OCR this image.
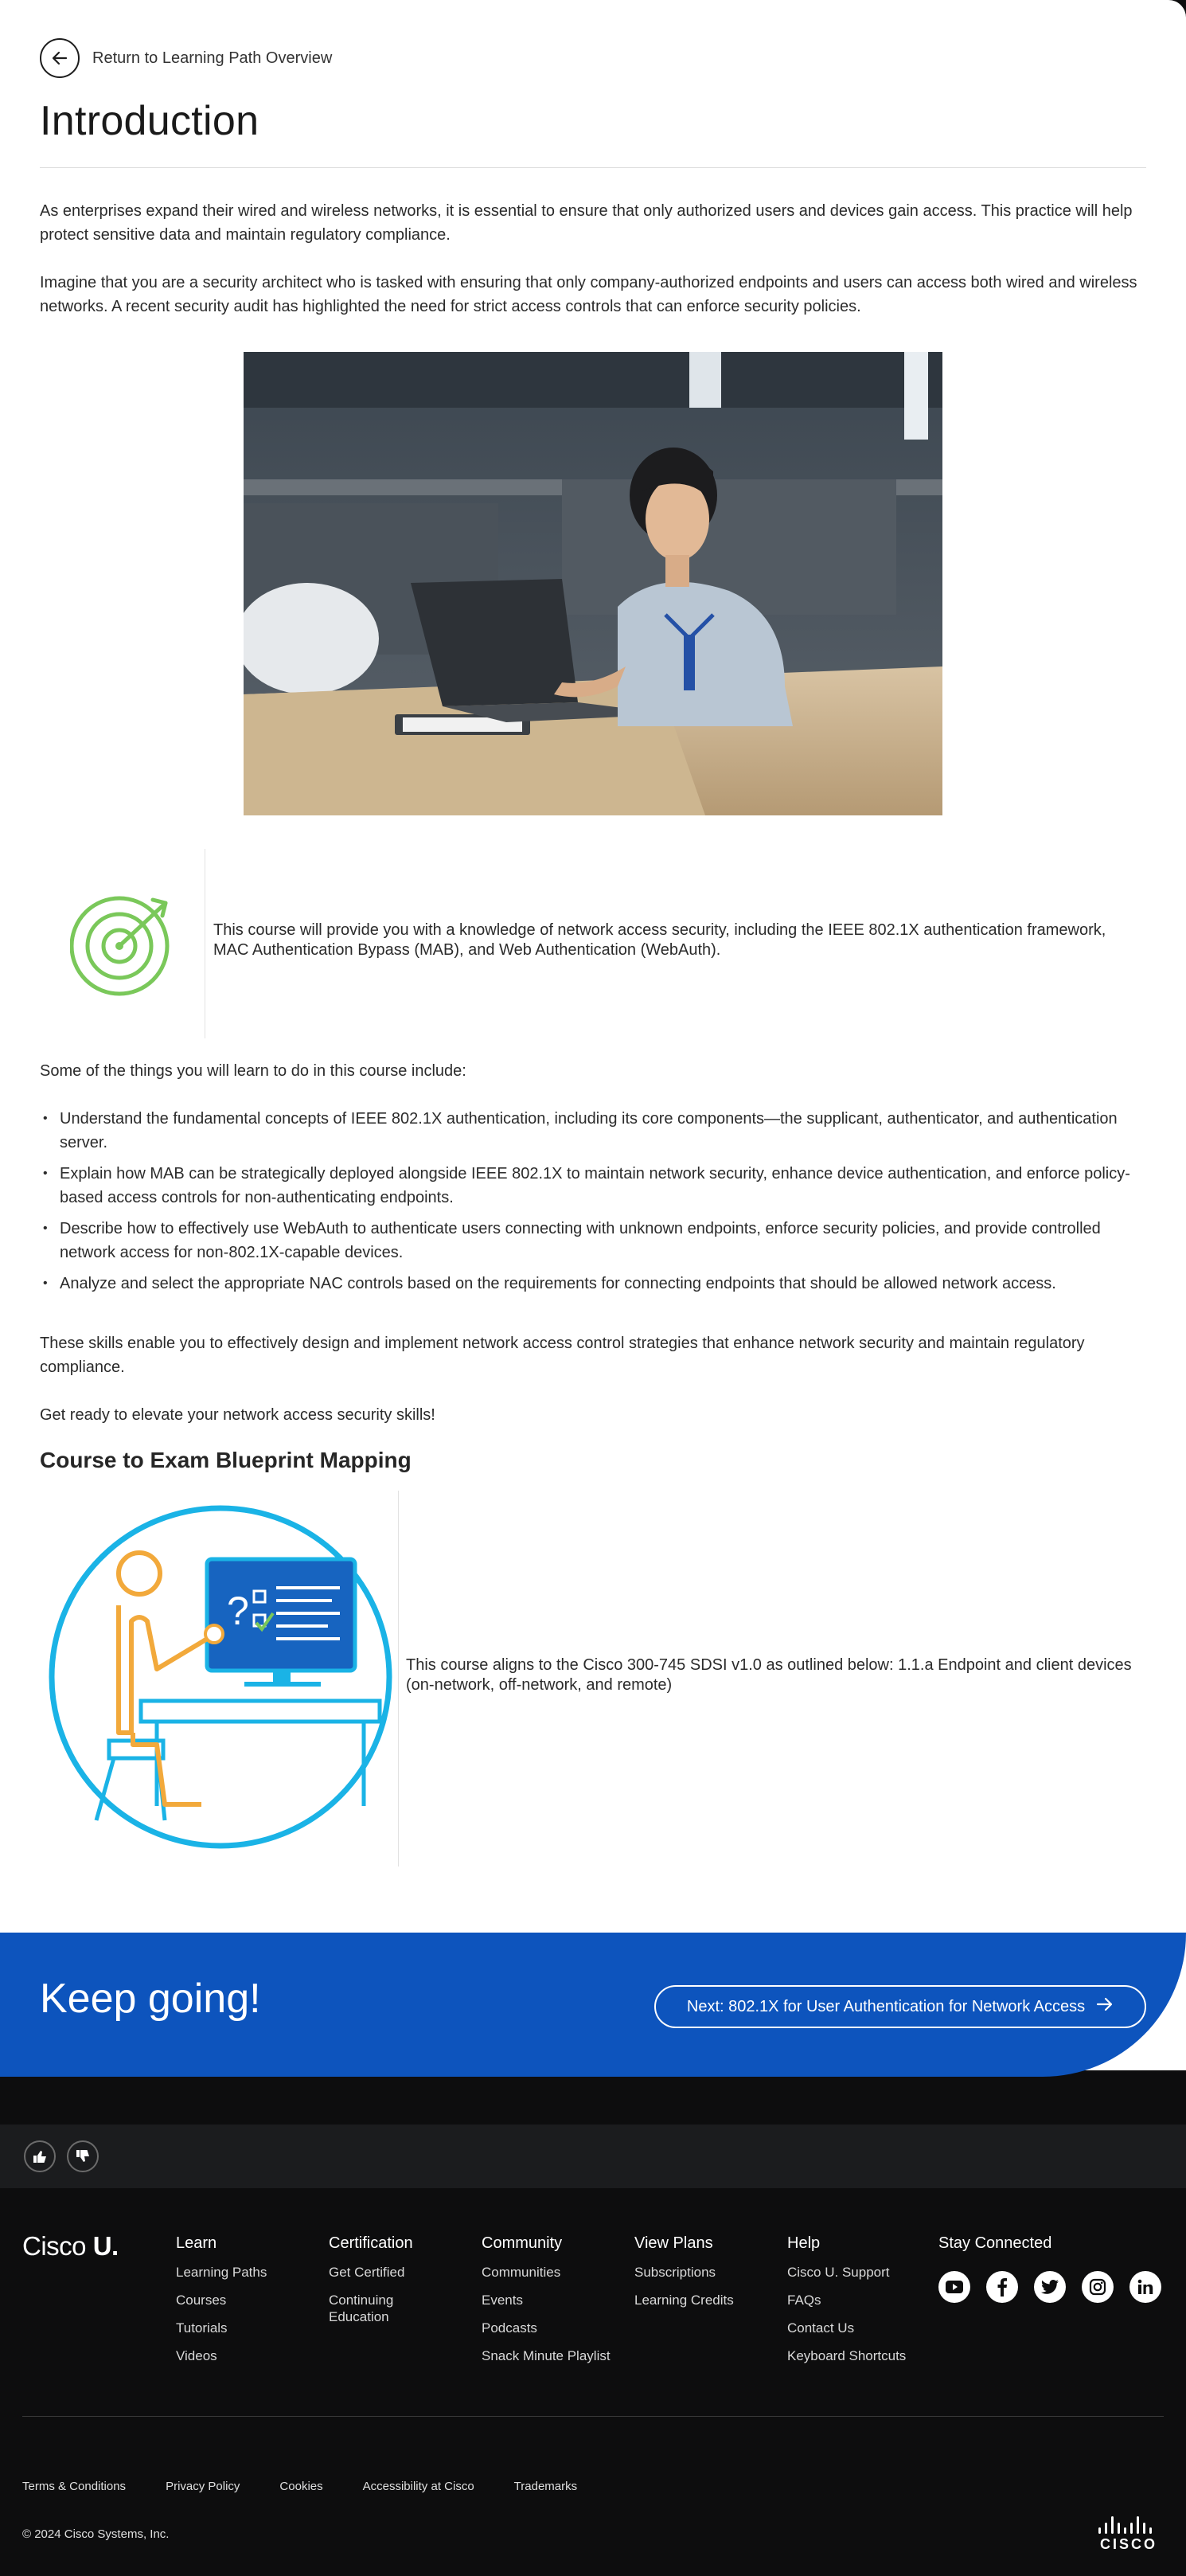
Return to Learning Path Overview
Introduction

As enterprises expand their wired and wireless networks, it is essential to ensure that only authorized users and devices gain access. This practice will help protect sensitive data and maintain regulatory compliance.

Imagine that you are a security architect who is tasked with ensuring that only company-authorized endpoints and users can access both wired and wireless networks. A recent security audit has highlighted the need for strict access controls that can enforce security policies.

This course will provide you with a knowledge of network access security, including the IEEE 802.1X authentication framework, MAC Authentication Bypass (MAB), and Web Authentication (WebAuth).

Some of the things you will learn to do in this course include:

• Understand the fundamental concepts of IEEE 802.1X authentication, including its core components—the supplicant, authenticator, and authentication server.
• Explain how MAB can be strategically deployed alongside IEEE 802.1X to maintain network security, enhance device authentication, and enforce policy-based access controls for non-authenticating endpoints.
• Describe how to effectively use WebAuth to authenticate users connecting with unknown endpoints, enforce security policies, and provide controlled network access for non-802.1X-capable devices.
• Analyze and select the appropriate NAC controls based on the requirements for connecting endpoints that should be allowed network access.

These skills enable you to effectively design and implement network access control strategies that enhance network security and maintain regulatory compliance.

Get ready to elevate your network access security skills!

Course to Exam Blueprint Mapping
?

This course aligns to the Cisco 300-745 SDSI v1.0 as outlined below: 1.1.a Endpoint and client devices (on-network, off-network, and remote)

Keep going!	Next: 802.1X for User Authentication for Network Access
Cisco U.	Learn
Learning Paths
Courses
Tutorials
Videos
Certification
Get Certified
Continuing Education
Community
Communities
Events
Podcasts
Snack Minute Playlist
View Plans
Subscriptions
Learning Credits
Help
Cisco U. Support
FAQs
Contact Us
Keyboard Shortcuts
Stay Connected
Terms & Conditions	Privacy Policy	Cookies	Accessibility at Cisco	Trademarks
© 2024 Cisco Systems, Inc.
CISCO
